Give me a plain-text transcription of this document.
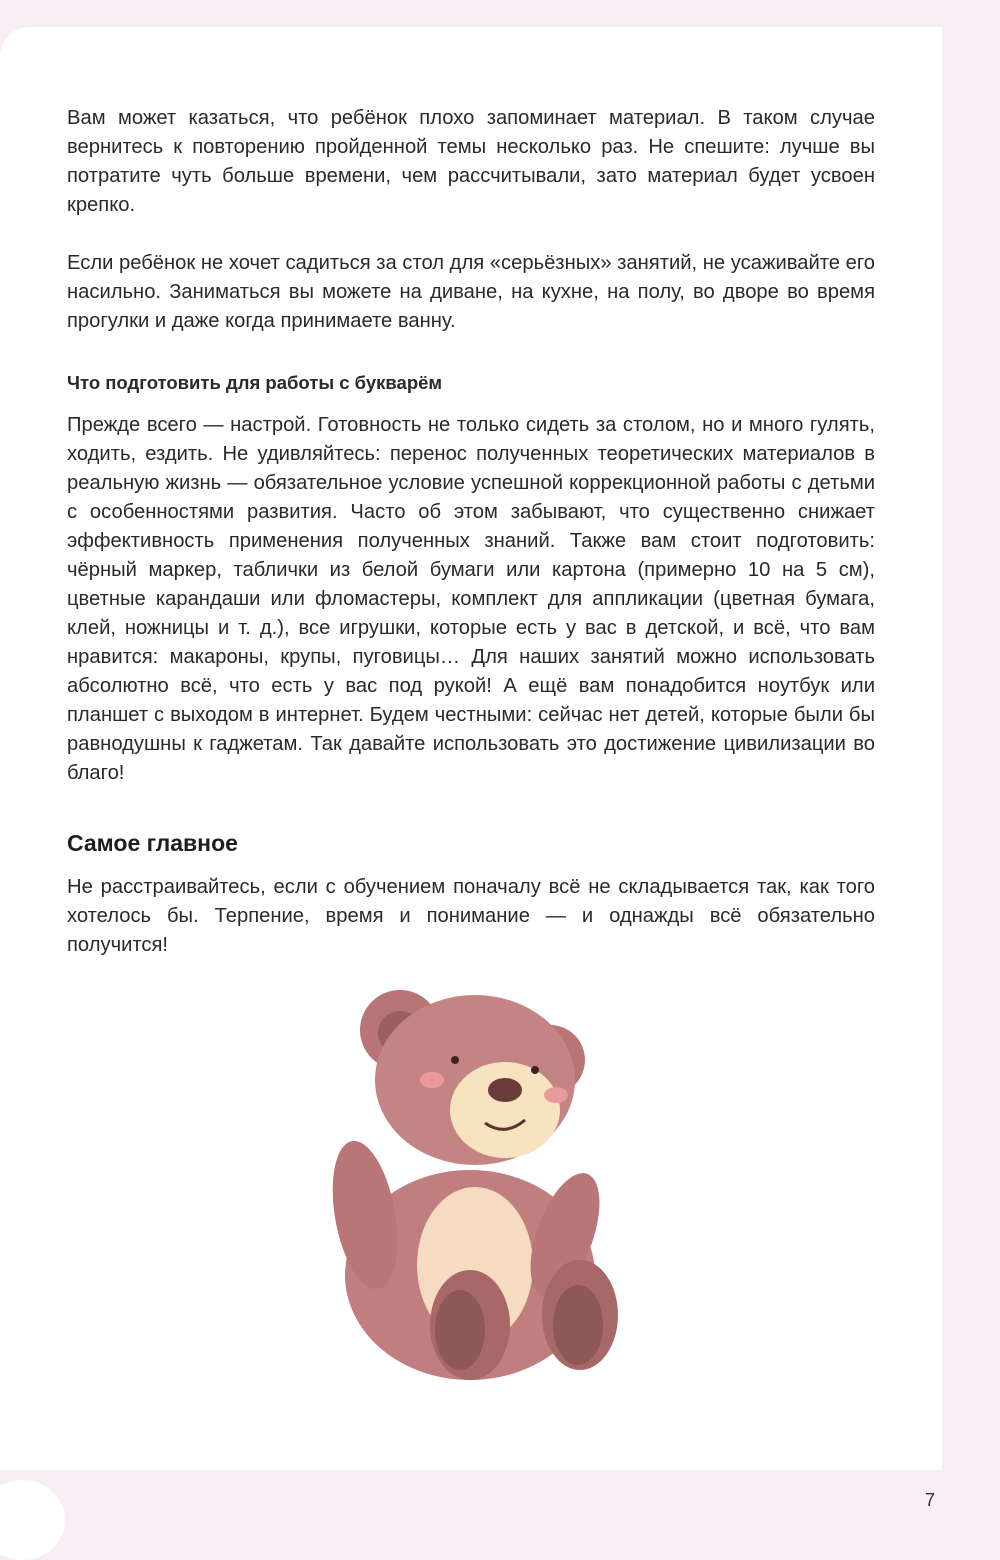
Вам может казаться, что ребёнок плохо запоминает материал. В таком случае вернитесь к повторению пройденной темы несколько раз. Не спешите: лучше вы потратите чуть больше времени, чем рассчитывали, зато материал будет усвоен крепко.

Если ребёнок не хочет садиться за стол для «серьёзных» занятий, не усаживайте его насильно. Заниматься вы можете на диване, на кухне, на полу, во дворе во время прогулки и даже когда принимаете ванну.

Что подготовить для работы с букварём

Прежде всего — настрой. Готовность не только сидеть за столом, но и много гулять, ходить, ездить. Не удивляйтесь: перенос полученных теоретических материалов в реальную жизнь — обязательное условие успешной коррекционной работы с детьми с особенностями развития. Часто об этом забывают, что существенно снижает эффективность применения полученных знаний. Также вам стоит подготовить: чёрный маркер, таблички из белой бумаги или картона (примерно 10 на 5 см), цветные карандаши или фломастеры, комплект для аппликации (цветная бумага, клей, ножницы и т. д.), все игрушки, которые есть у вас в детской, и всё, что вам нравится: макароны, крупы, пуговицы… Для наших занятий можно использовать абсолютно всё, что есть у вас под рукой! А ещё вам понадобится ноутбук или планшет с выходом в интернет. Будем честными: сейчас нет детей, которые были бы равнодушны к гаджетам. Так давайте использовать это достижение цивилизации во благо!

Самое главное

Не расстраивайтесь, если с обучением поначалу всё не складывается так, как того хотелось бы. Терпение, время и понимание — и однажды всё обязательно получится!

7
